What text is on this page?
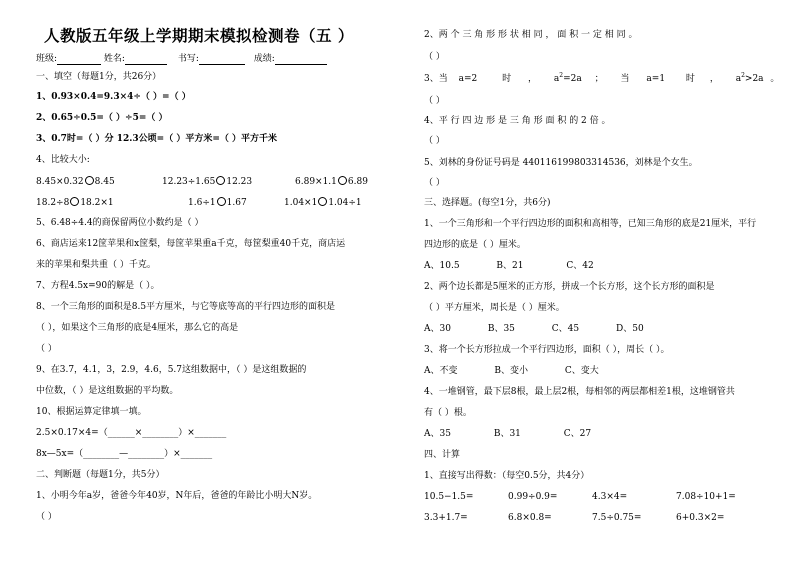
人教版五年级上学期期末模拟检测卷（五 ）
班级:	姓名:	书写:	成绩:
一、填空（每题1分，共26分）
1、0.93×0.4=9.3×4÷（ ）=（ ）
2、0.65÷0.5=（ ）÷5=（ ）
3、0.7时=（ ）分 12.3公顷=（ ）平方米=（ ）平方千米
4、比较大小:
8.45×0.32 8.45	12.23÷1.65 12.23	6.89×1.1 6.89
18.2÷8 18.2×1	1.6÷1 1.67	1.04×1 1.04÷1
5、6.48÷4.4的商保留两位小数约是（ ）
6、商店运来12筐苹果和x筐梨，每筐苹果重a千克，每筐梨重40千克，商店运
来的苹果和梨共重（ ）千克。
7、方程4.5x=90的解是（ ）。
8、一个三角形的面积是8.5平方厘米，与它等底等高的平行四边形的面积是
（ ），如果这个三角形的底是4厘米，那么它的高是
（ ）
9、在3.7，4.1，3，2.9，4.6，5.7这组数据中，（ ）是这组数据的
中位数，（ ）是这组数据的平均数。
10、根据运算定律填一填。
2.5×0.17×4=（______×________）×_______
8x—5x=（________—________）×_______
二、判断题（每题1分，共5分）
1、小明今年a岁，爸爸今年40岁，N年后，爸爸的年龄比小明大N岁。
（ ）
2、两 个 三 角 形 形 状 相 同 ， 面 积 一 定 相 同 。
（ ）
3、当 a=2	时 ， $a^2=2a$ ； 当 a=1 时 ， $a^2>2a$ 。
（ ）
4、平 行 四 边 形 是 三 角 形 面 积 的 2 倍 。
（ ）
5、刘林的身份证号码是 440116199803314536，刘林是个女生。
（ ）
三、选择题。(每空1分，共6分)
1、一个三角形和一个平行四边形的面积和高相等，已知三角形的底是21厘米，平行
四边形的底是（ ）厘米。
A、10.5	B、21	C、42
2、两个边长都是5厘米的正方形，拼成一个长方形，这个长方形的面积是
（ ）平方厘米，周长是（ ）厘米。
A、30	B、35	C、45	D、50
3、将一个长方形拉成一个平行四边形，面积（ ），周长（ ）。
A、不变	B、变小	C、变大
4、一堆钢管，最下层8根，最上层2根，每相邻的两层都相差1根，这堆钢管共
有（ ）根。
A、35	B、31	C、27
四、计算
1、直接写出得数：（每空0.5分，共4分）
10.5−1.5=	0.99÷0.9=	4.3×4=	7.08÷10+1=
3.3+1.7=	6.8×0.8=	7.5÷0.75=	6+0.3×2=
